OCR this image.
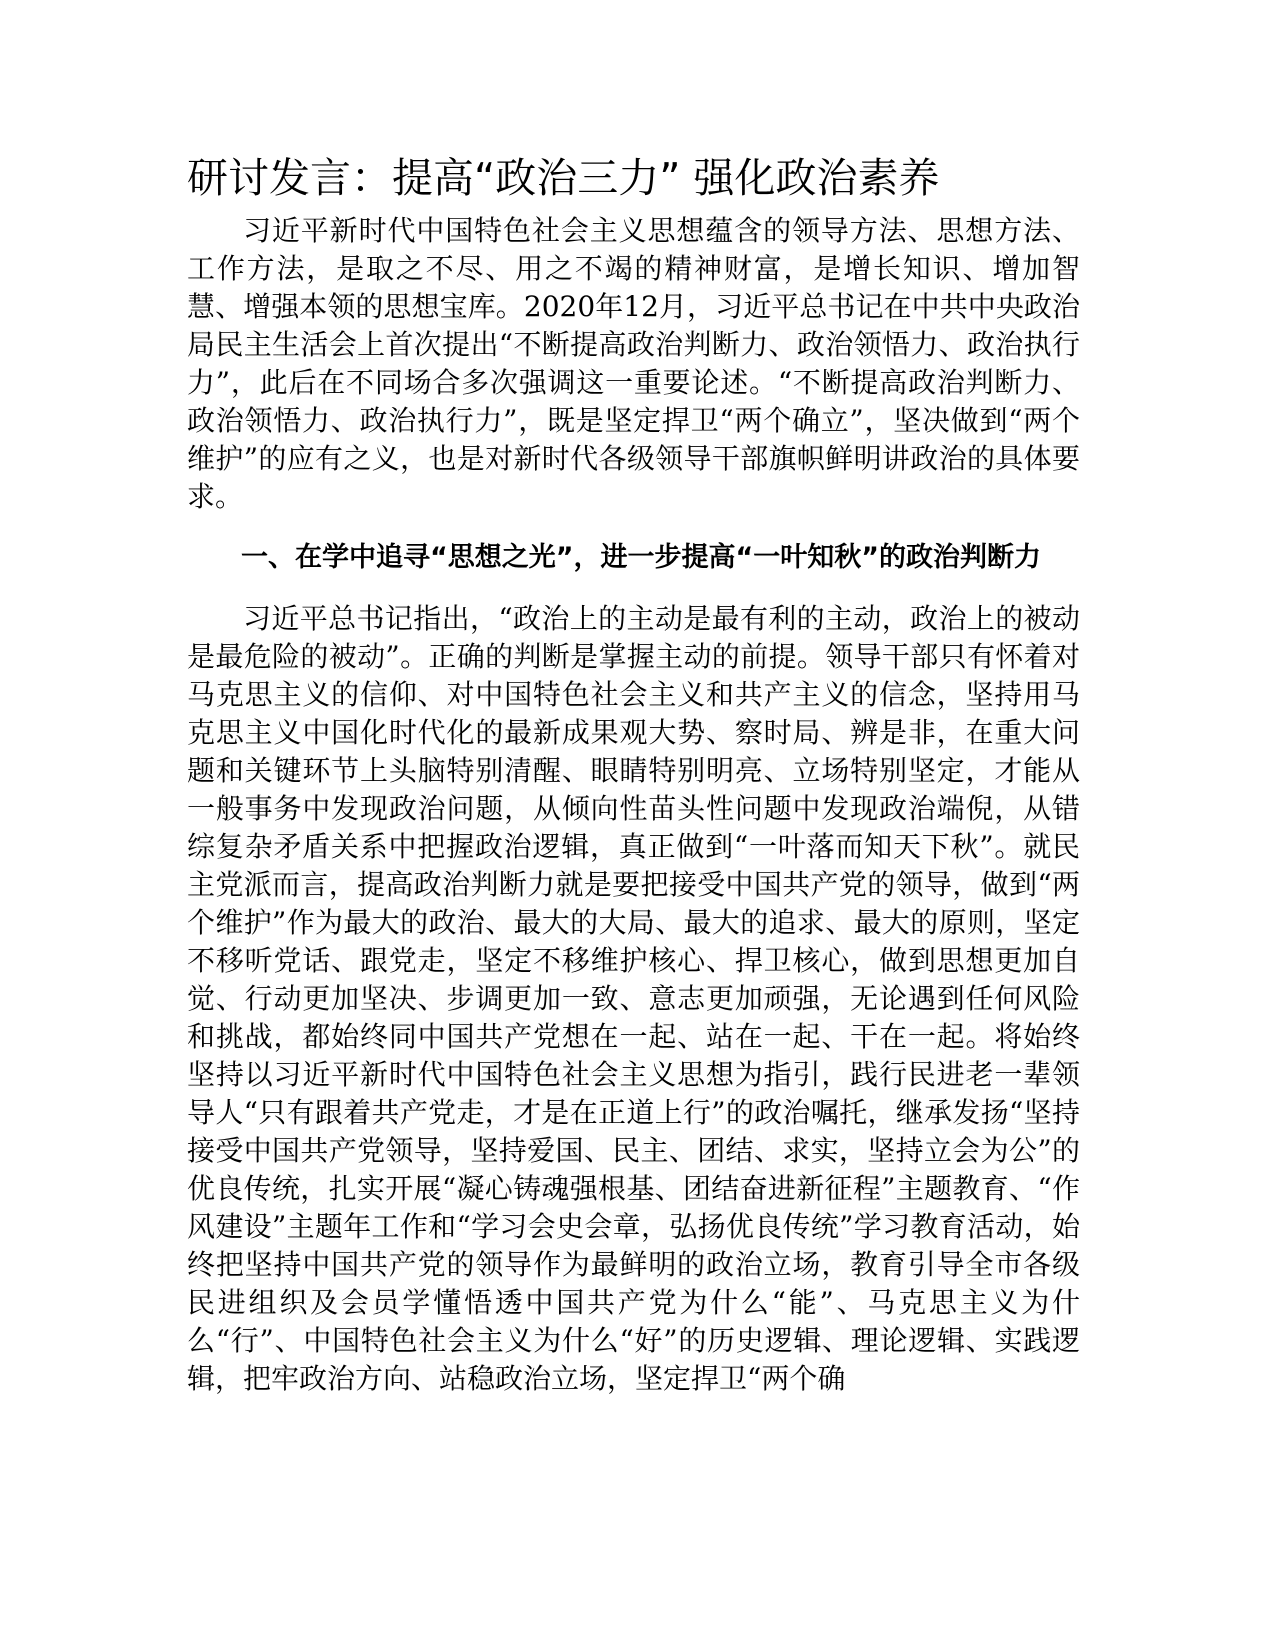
研讨发言：提高“政治三力” 强化政治素养

习近平新时代中国特色社会主义思想蕴含的领导方法、思想方法、工作方法，是取之不尽、用之不竭的精神财富，是增长知识、增加智慧、增强本领的思想宝库。2020年12月，习近平总书记在中共中央政治局民主生活会上首次提出“不断提高政治判断力、政治领悟力、政治执行力”，此后在不同场合多次强调这一重要论述。“不断提高政治判断力、政治领悟力、政治执行力”，既是坚定捍卫“两个确立”，坚决做到“两个维护”的应有之义，也是对新时代各级领导干部旗帜鲜明讲政治的具体要求。

一、在学中追寻“思想之光”，进一步提高“一叶知秋”的政治判断力

习近平总书记指出，“政治上的主动是最有利的主动，政治上的被动是最危险的被动”。正确的判断是掌握主动的前提。领导干部只有怀着对马克思主义的信仰、对中国特色社会主义和共产主义的信念，坚持用马克思主义中国化时代化的最新成果观大势、察时局、辨是非，在重大问题和关键环节上头脑特别清醒、眼睛特别明亮、立场特别坚定，才能从一般事务中发现政治问题，从倾向性苗头性问题中发现政治端倪，从错综复杂矛盾关系中把握政治逻辑，真正做到“一叶落而知天下秋”。就民主党派而言，提高政治判断力就是要把接受中国共产党的领导，做到“两个维护”作为最大的政治、最大的大局、最大的追求、最大的原则，坚定不移听党话、跟党走，坚定不移维护核心、捍卫核心，做到思想更加自觉、行动更加坚决、步调更加一致、意志更加顽强，无论遇到任何风险和挑战，都始终同中国共产党想在一起、站在一起、干在一起。将始终坚持以习近平新时代中国特色社会主义思想为指引，践行民进老一辈领导人“只有跟着共产党走，才是在正道上行”的政治嘱托，继承发扬“坚持接受中国共产党领导，坚持爱国、民主、团结、求实，坚持立会为公”的优良传统，扎实开展“凝心铸魂强根基、团结奋进新征程”主题教育、“作风建设”主题年工作和“学习会史会章，弘扬优良传统”学习教育活动，始终把坚持中国共产党的领导作为最鲜明的政治立场，教育引导全市各级民进组织及会员学懂悟透中国共产党为什么“能”、马克思主义为什么“行”、中国特色社会主义为什么“好”的历史逻辑、理论逻辑、实践逻辑，把牢政治方向、站稳政治立场，坚定捍卫“两个确
